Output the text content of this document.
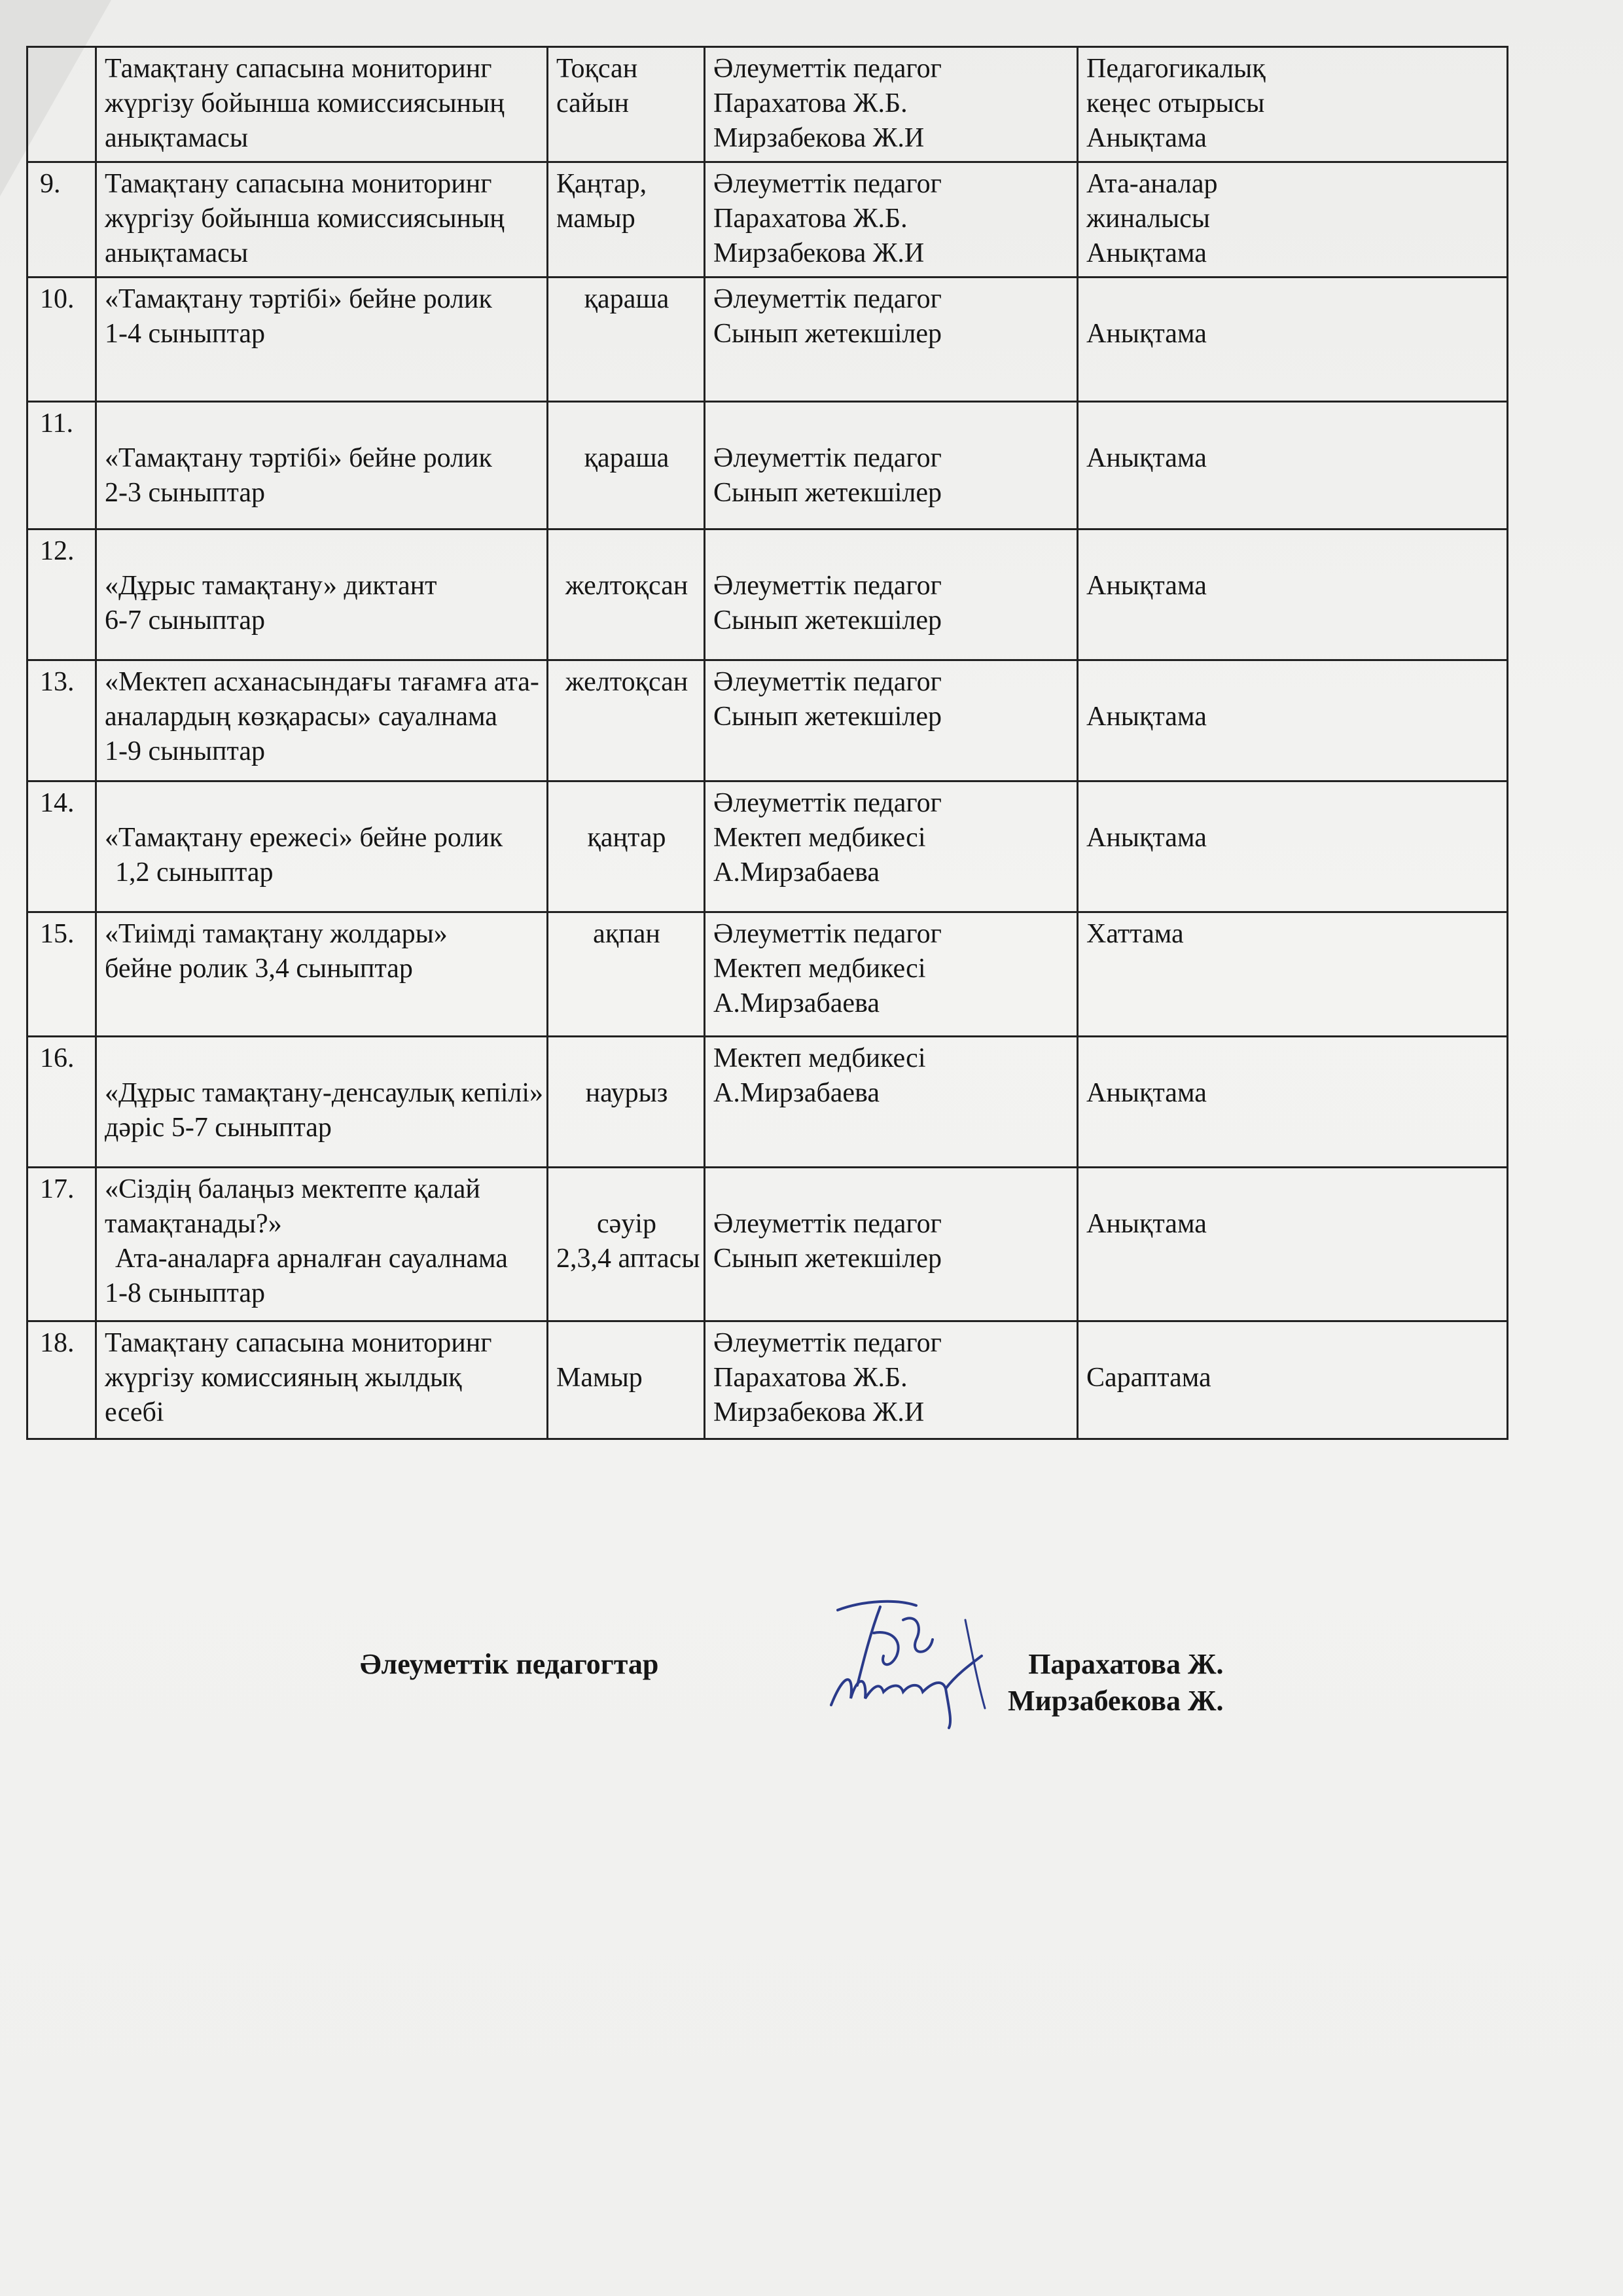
	Тамақтану сапасына мониторинг
жүргізу бойынша комиссиясының
анықтамасы	Тоқсан
сайын	Әлеуметтік педагог
Парахатова Ж.Б.
Мирзабекова Ж.И	Педагогикалық
кеңес отырысы
Анықтама

9.	Тамақтану сапасына мониторинг
жүргізу бойынша комиссиясының
анықтамасы	Қаңтар,
мамыр	Әлеуметтік педагог
Парахатова Ж.Б.
Мирзабекова Ж.И	Ата-аналар
жиналысы
Анықтама

10.	«Тамақтану тәртібі» бейне ролик
1-4 сыныптар	қараша	Әлеуметтік педагог
Сынып жетекшілер	Анықтама

11.	«Тамақтану тәртібі» бейне ролик
2-3 сыныптар	қараша	Әлеуметтік педагог
Сынып жетекшілер	Анықтама

12.	«Дұрыс тамақтану» диктант
6-7 сыныптар	желтоқсан	Әлеуметтік педагог
Сынып жетекшілер	Анықтама

13.	«Мектеп асханасындағы тағамға ата-
аналардың көзқарасы» сауалнама
1-9 сыныптар	желтоқсан	Әлеуметтік педагог
Сынып жетекшілер	Анықтама

14.	«Тамақтану ережесі» бейне ролик
1,2 сыныптар	қаңтар	Әлеуметтік педагог
Мектеп медбикесі
А.Мирзабаева	Анықтама

15.	«Тиімді тамақтану жолдары»
бейне ролик 3,4 сыныптар	ақпан	Әлеуметтік педагог
Мектеп медбикесі
А.Мирзабаева	Хаттама

16.	«Дұрыс тамақтану-денсаулық кепілі»
дәріс 5-7 сыныптар	наурыз	Мектеп медбикесі
А.Мирзабаева	Анықтама

17.	«Сіздің балаңыз мектепте қалай
тамақтанады?»
Ата-аналарға арналған сауалнама
1-8 сыныптар	сәуір
2,3,4 аптасы	Әлеуметтік педагог
Сынып жетекшілер	Анықтама

18.	Тамақтану сапасына мониторинг
жүргізу комиссияның жылдық
есебі	Мамыр	Әлеуметтік педагог
Парахатова Ж.Б.
Мирзабекова Ж.И	Сараптама
Әлеуметтік педагогтар	Парахатова Ж.
Мирзабекова Ж.
